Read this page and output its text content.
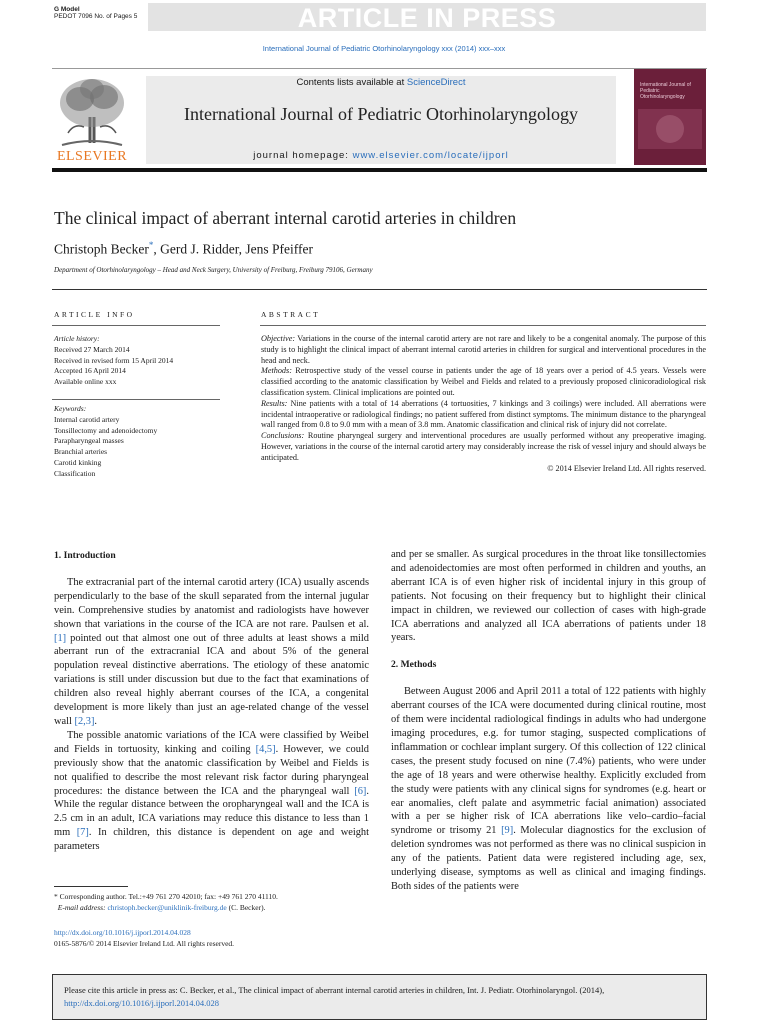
G Model
PEDOT 7096 No. of Pages 5	ARTICLE IN PRESS
International Journal of Pediatric Otorhinolaryngology xxx (2014) xxx–xxx
ELSEVIER
Contents lists available at ScienceDirect
International Journal of Pediatric Otorhinolaryngology
journal homepage: www.elsevier.com/locate/ijporl
International Journal of Pediatric Otorhinolaryngology
The clinical impact of aberrant internal carotid arteries in children
Christoph Becker*, Gerd J. Ridder, Jens Pfeiffer
Department of Otorhinolaryngology – Head and Neck Surgery, University of Freiburg, Freiburg 79106, Germany
ARTICLE INFO
Article history:
Received 27 March 2014
Received in revised form 15 April 2014
Accepted 16 April 2014
Available online xxx
Keywords:
Internal carotid artery
Tonsillectomy and adenoidectomy
Parapharyngeal masses
Branchial arteries
Carotid kinking
Classification
ABSTRACT

Objective: Variations in the course of the internal carotid artery are not rare and likely to be a congenital anomaly. The purpose of this study is to highlight the clinical impact of aberrant internal carotid arteries in children for surgical and interventional procedures in the head and neck.

Methods: Retrospective study of the vessel course in patients under the age of 18 years over a period of 4.5 years. Vessels were classified according to the anatomic classification by Weibel and Fields and related to a previously proposed clinicoradiological risk classification system. Clinical implications are pointed out.

Results: Nine patients with a total of 14 aberrations (4 tortuosities, 7 kinkings and 3 coilings) were included. All aberrations were incidental intraoperative or radiological findings; no patient suffered from distinct symptoms. The minimum distance to the pharyngeal wall ranged from 0.8 to 9.0 mm with a mean of 3.8 mm. Anatomic classification and clinical risk of injury did not correlate.

Conclusions: Routine pharyngeal surgery and interventional procedures are usually performed without any preoperative imaging. However, variations in the course of the internal carotid artery may considerably increase the risk of vessel injury and should always be anticipated.

© 2014 Elsevier Ireland Ltd. All rights reserved.

1. Introduction

The extracranial part of the internal carotid artery (ICA) usually ascends perpendicularly to the base of the skull separated from the internal jugular vein. Comprehensive studies by anatomist and radiologists have however shown that variations in the course of the ICA are not rare. Paulsen et al. [1] pointed out that almost one out of three adults at least shows a mild aberrant run of the extracranial ICA and about 5% of the general population reveal distinctive aberrations. The etiology of these anatomic variations is still under discussion but due to the fact that examinations of children also reveal highly aberrant courses of the ICA, a congenital development is more likely than just an age-related change of the vessel wall [2,3].

The possible anatomic variations of the ICA were classified by Weibel and Fields in tortuosity, kinking and coiling [4,5]. However, we could previously show that the anatomic classification by Weibel and Fields is not qualified to describe the most relevant risk factor during pharyngeal procedures: the distance between the ICA and the pharyngeal wall [6]. While the regular distance between the oropharyngeal wall and the ICA is 2.5 cm in an adult, ICA variations may reduce this distance to less than 1 mm [7]. In children, this distance is dependent on age and weight parameters

and per se smaller. As surgical procedures in the throat like tonsillectomies and adenoidectomies are most often performed in children and youths, an aberrant ICA is of even higher risk of incidental injury in this group of patients. Not focusing on their frequency but to highlight their clinical impact in children, we reviewed our collection of cases with high-grade ICA aberrations and analyzed all ICA aberrations of patients under 18 years.

2. Methods

Between August 2006 and April 2011 a total of 122 patients with highly aberrant courses of the ICA were documented during clinical routine, most of them were incidental radiological findings in adults who had undergone imaging procedures, e.g. for tumor staging, suspected complications of inflammation or cochlear implant surgery. Of this collection of 122 clinical cases, the present study focused on nine (7.4%) patients, who were under the age of 18 years and were otherwise healthy. Explicitly excluded from the study were patients with any clinical signs for syndromes (e.g. heart or ear anomalies, cleft palate and asymmetric facial animation) associated with a per se higher risk of ICA aberrations like velo–cardio–facial syndrome or trisomy 21 [9]. Molecular diagnostics for the exclusion of deletion syndromes was not performed as there was no clinical suspicion in any of the patients. Patient data were registered including age, sex, underlying disease, symptoms as well as clinical and imaging findings. Both sides of the patients were

* Corresponding author. Tel.:+49 761 270 42010; fax: +49 761 270 41110.
E-mail address: christoph.becker@uniklinik-freiburg.de (C. Becker).
http://dx.doi.org/10.1016/j.ijporl.2014.04.028
0165-5876/© 2014 Elsevier Ireland Ltd. All rights reserved.
Please cite this article in press as: C. Becker, et al., The clinical impact of aberrant internal carotid arteries in children, Int. J. Pediatr. Otorhinolaryngol. (2014), http://dx.doi.org/10.1016/j.ijporl.2014.04.028
